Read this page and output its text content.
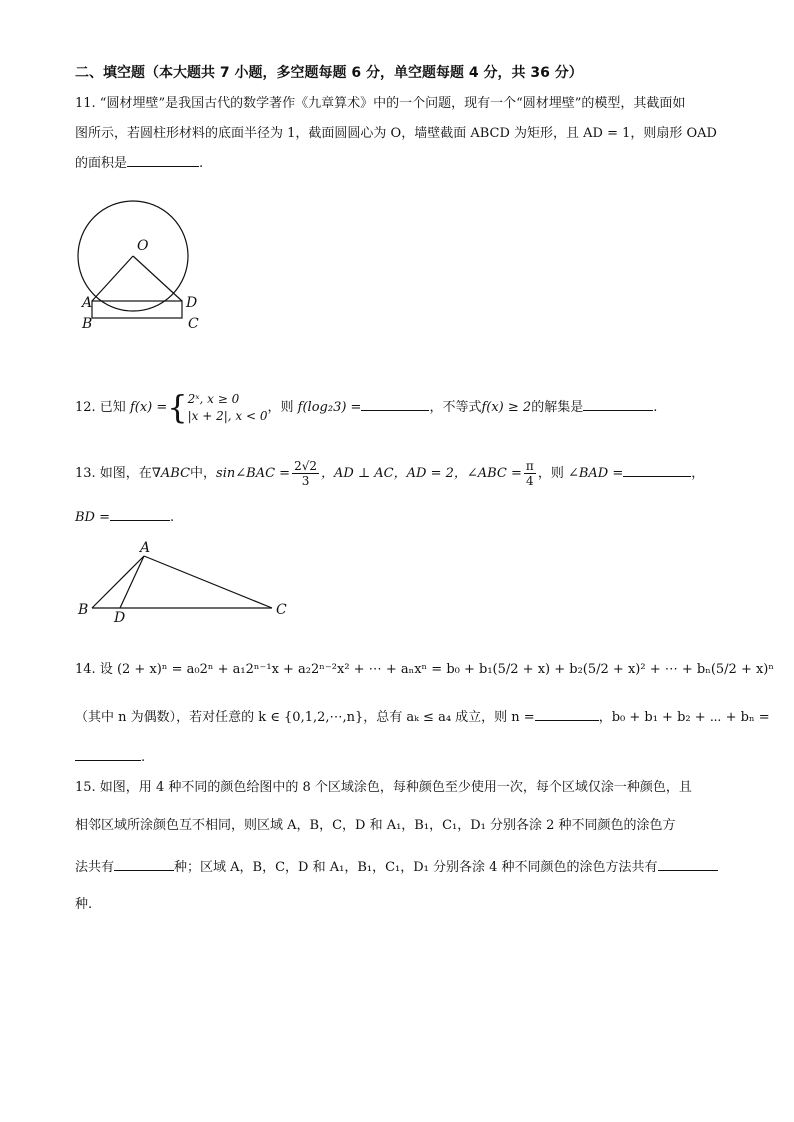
二、填空题（本大题共 7 小题，多空题每题 6 分，单空题每题 4 分，共 36 分）
11. “圆材埋壁”是我国古代的数学著作《九章算术》中的一个问题，现有一个“圆材埋壁”的模型，其截面如
图所示，若圆柱形材料的底面半径为 1，截面圆圆心为 O，墙壁截面 ABCD 为矩形，且 AD = 1，则扇形 OAD
的面积是	.
O
A	D
B	C
12. 已知 f(x) ={ 2ˣ, x ≥ 0
|x + 2|, x < 0
，则 f(log₂3) =	，不等式f(x) ≥ 2的解集是	.
13. 如图，在∇ABC中，sin∠BAC = $\frac{2√2}{3}$ ，AD ⊥ AC，AD = 2，∠ABC = $\frac{\pi}{4}$ ，则 ∠BAD =	，
BD =	.
A
B D	C
14. 设 (2 + x)ⁿ = a₀2ⁿ + a₁2ⁿ⁻¹x + a₂2ⁿ⁻²x² + ⋯ + aₙxⁿ = b₀ + b₁(5/2 + x) + b₂(5/2 + x)² + ⋯ + bₙ(5/2 + x)ⁿ
（其中 n 为偶数），若对任意的 k ∈ {0,1,2,⋯,n}，总有 aₖ ≤ a₄ 成立，则 n =	，b₀ + b₁ + b₂ + ⋯ + bₙ =
.
15. 如图，用 4 种不同的颜色给图中的 8 个区域涂色，每种颜色至少使用一次，每个区域仅涂一种颜色，且
相邻区域所涂颜色互不相同，则区域 A，B，C，D 和 A₁，B₁，C₁，D₁ 分别各涂 2 种不同颜色的涂色方
法共有	种；区域 A，B，C，D 和 A₁，B₁，C₁，D₁ 分别各涂 4 种不同颜色的涂色方法共有
种.
